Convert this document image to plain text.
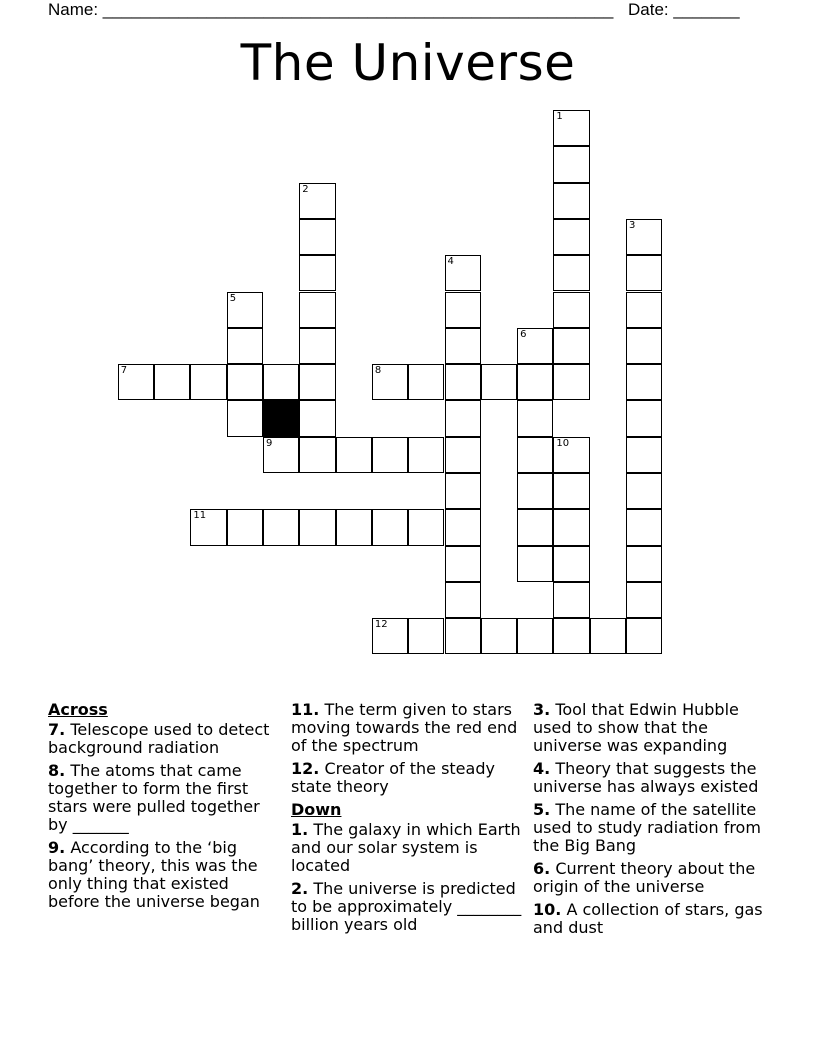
Name: ______________________________________________________

Date: _______

The Universe
1
2
3
4
5
6
7	8
9	10
11
12
Across
7. Telescope used to detect background radiation
8. The atoms that came together to form the first stars were pulled together by _______
9. According to the ‘big bang’ theory, this was the only thing that existed before the universe began
11. The term given to stars moving towards the red end of the spectrum
12. Creator of the steady state theory
Down
1. The galaxy in which Earth and our solar system is located
2. The universe is predicted to be approximately ________ billion years old
3. Tool that Edwin Hubble used to show that the universe was expanding
4. Theory that suggests the universe has always existed
5. The name of the satellite used to study radiation from the Big Bang
6. Current theory about the origin of the universe
10. A collection of stars, gas and dust
